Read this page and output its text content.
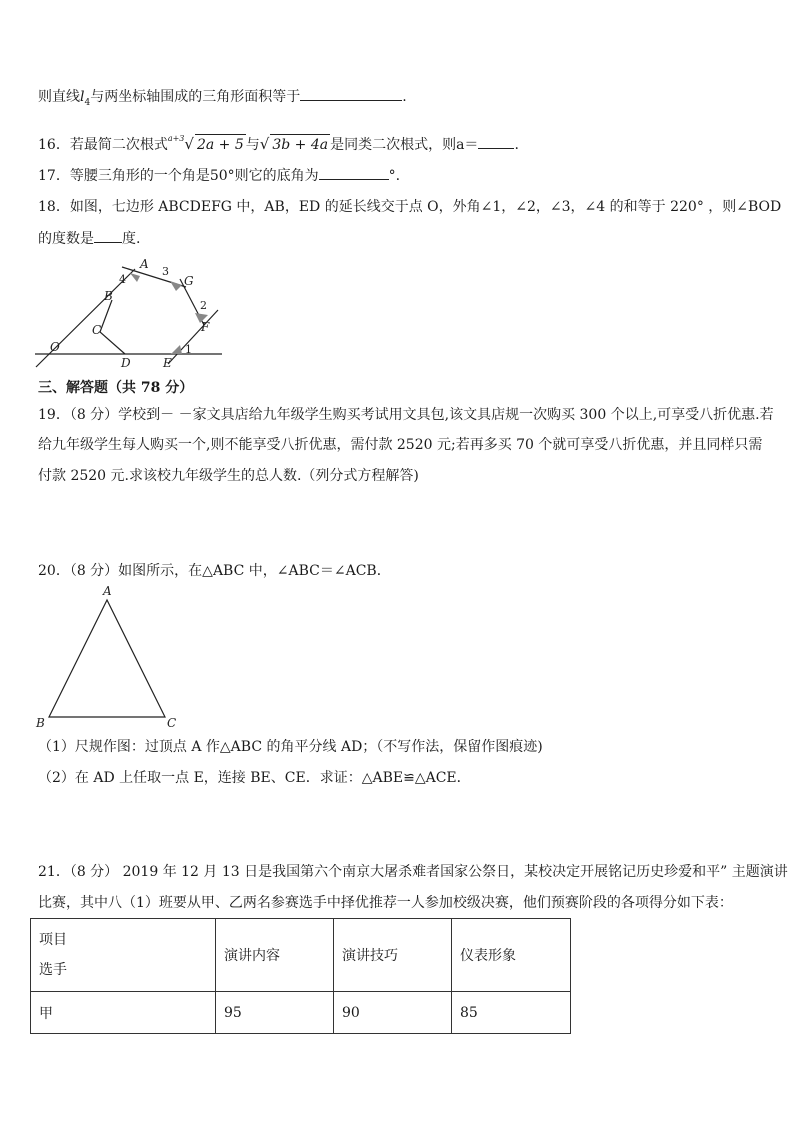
则直线$l_4$与两坐标轴围成的三角形面积等于	.
16．若最简二次根式$^{a+3}$√ 2a + 5 与√ 3b + 4a 是同类二次根式，则a＝	.
17．等腰三角形的一个角是50°则它的底角为	°.
18．如图，七边形 ABCDEFG 中，AB，ED 的延长线交于点 O，外角∠1，∠2，∠3，∠4 的和等于 220° ，则∠BOD
的度数是 度.
A
B
C
D	E
F
G
O	1
2
3
4
三、解答题（共 78 分）
19．（8 分）学校到－ －家文具店给九年级学生购买考试用文具包,该文具店规一次购买 300 个以上,可享受八折优惠.若
给九年级学生每人购买一个,则不能享受八折优惠，需付款 2520 元;若再多买 70 个就可享受八折优惠，并且同样只需
付款 2520 元.求该校九年级学生的总人数.（列分式方程解答)
20．（8 分）如图所示，在△ABC 中，∠ABC＝∠ACB．
A
B	C
（1）尺规作图：过顶点 A 作△ABC 的角平分线 AD；（不写作法，保留作图痕迹)
（2）在 AD 上任取一点 E，连接 BE、CE．求证：△ABE≌△ACE．
21．（8 分） 2019 年 12 月 13 日是我国第六个南京大屠杀难者国家公祭日，某校决定开展铭记历史珍爱和平” 主题演讲
比赛，其中八（1）班要从甲、乙两名参赛选手中择优推荐一人参加校级决赛，他们预赛阶段的各项得分如下表：
项目
选手	演讲内容	演讲技巧	仪表形象
甲	95	90	85
